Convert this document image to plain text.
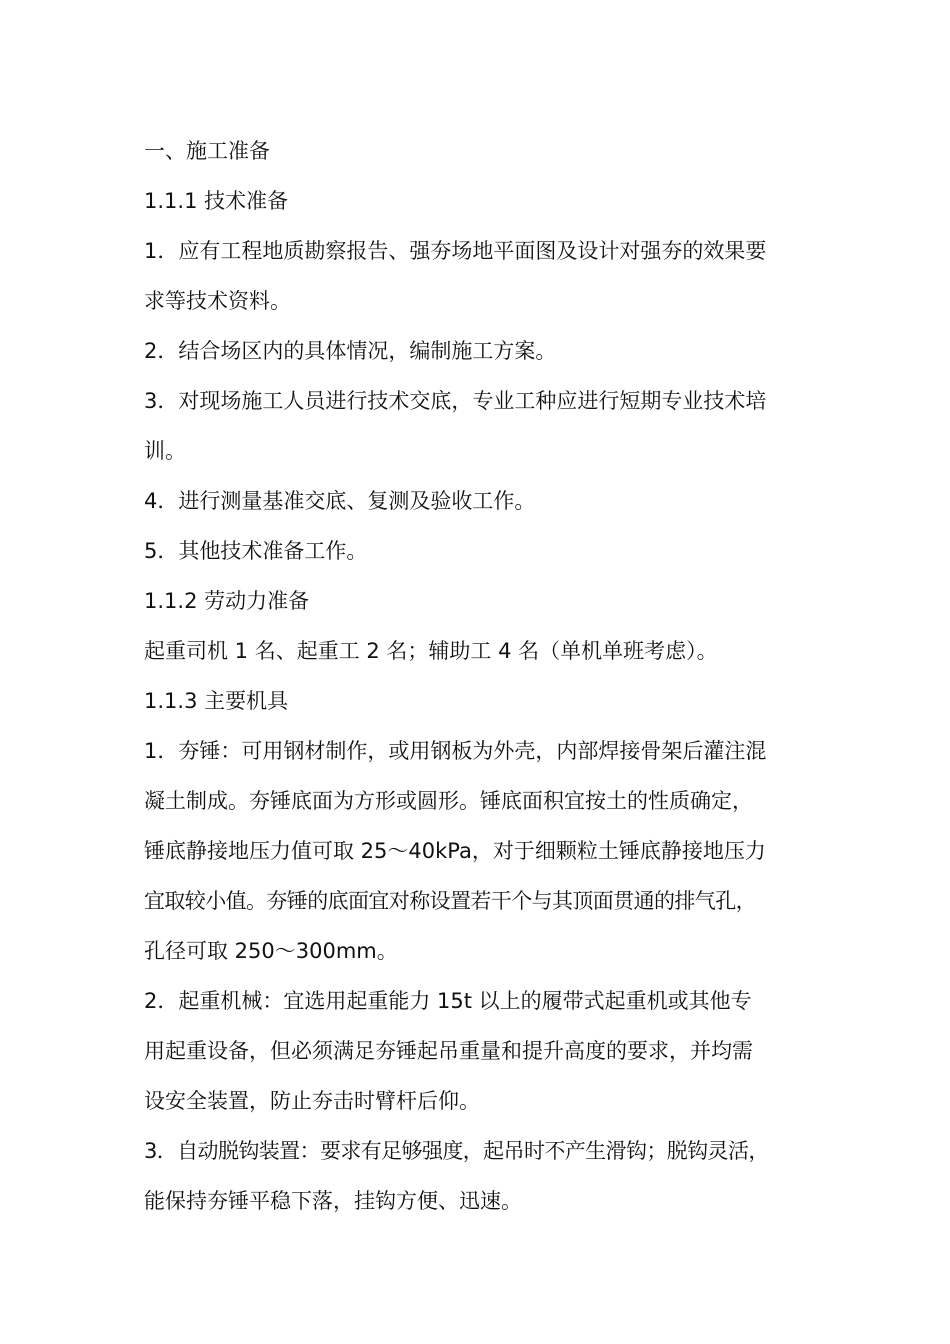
一、施工准备
1.1.1 技术准备
1．应有工程地质勘察报告、强夯场地平面图及设计对强夯的效果要
求等技术资料。
2．结合场区内的具体情况，编制施工方案。
3．对现场施工人员进行技术交底，专业工种应进行短期专业技术培
训。
4．进行测量基准交底、复测及验收工作。
5．其他技术准备工作。
1.1.2 劳动力准备
起重司机 1 名、起重工 2 名；辅助工 4 名（单机单班考虑）。
1.1.3 主要机具
1．夯锤：可用钢材制作，或用钢板为外壳，内部焊接骨架后灌注混
凝土制成。夯锤底面为方形或圆形。锤底面积宜按土的性质确定，
锤底静接地压力值可取 25～40kPa，对于细颗粒土锤底静接地压力
宜取较小值。夯锤的底面宜对称设置若干个与其顶面贯通的排气孔，
孔径可取 250～300mm。
2．起重机械：宜选用起重能力 15t 以上的履带式起重机或其他专
用起重设备，但必须满足夯锤起吊重量和提升高度的要求，并均需
设安全装置，防止夯击时臂杆后仰。
3．自动脱钩装置：要求有足够强度，起吊时不产生滑钩；脱钩灵活，
能保持夯锤平稳下落，挂钩方便、迅速。
